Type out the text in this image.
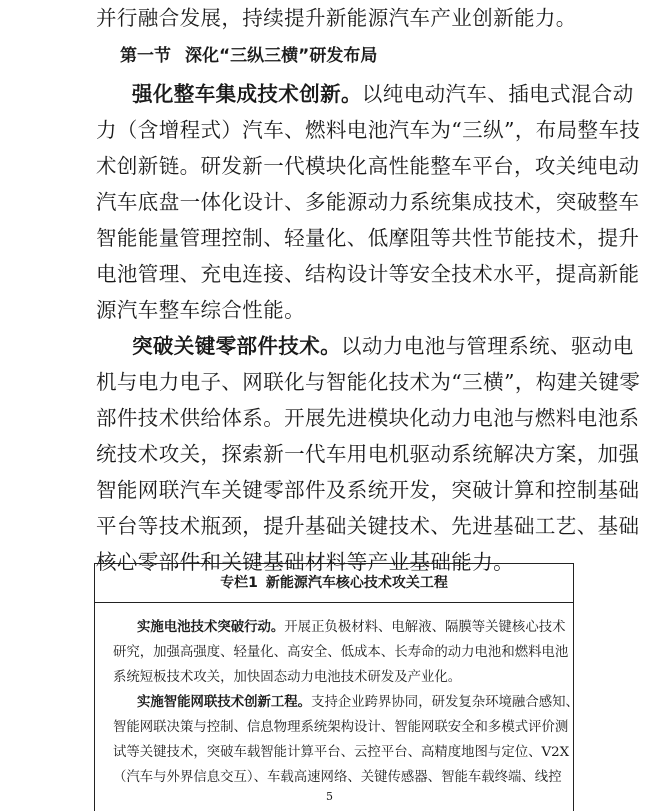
并行融合发展，持续提升新能源汽车产业创新能力。
第一节 深化“三纵三横”研发布局
强化整车集成技术创新。以纯电动汽车、插电式混合动
力（含增程式）汽车、燃料电池汽车为“三纵”，布局整车技
术创新链。研发新一代模块化高性能整车平台，攻关纯电动
汽车底盘一体化设计、多能源动力系统集成技术，突破整车
智能能量管理控制、轻量化、低摩阻等共性节能技术，提升
电池管理、充电连接、结构设计等安全技术水平，提高新能
源汽车整车综合性能。
突破关键零部件技术。以动力电池与管理系统、驱动电
机与电力电子、网联化与智能化技术为“三横”，构建关键零
部件技术供给体系。开展先进模块化动力电池与燃料电池系
统技术攻关，探索新一代车用电机驱动系统解决方案，加强
智能网联汽车关键零部件及系统开发，突破计算和控制基础
平台等技术瓶颈，提升基础关键技术、先进基础工艺、基础
核心零部件和关键基础材料等产业基础能力。
专栏1 新能源汽车核心技术攻关工程
实施电池技术突破行动。开展正负极材料、电解液、隔膜等关键核心技术
研究，加强高强度、轻量化、高安全、低成本、长寿命的动力电池和燃料电池
系统短板技术攻关，加快固态动力电池技术研发及产业化。
实施智能网联技术创新工程。支持企业跨界协同，研发复杂环境融合感知、
智能网联决策与控制、信息物理系统架构设计、智能网联安全和多模式评价测
试等关键技术，突破车载智能计算平台、云控平台、高精度地图与定位、V2X
（汽车与外界信息交互）、车载高速网络、关键传感器、智能车载终端、线控
5
